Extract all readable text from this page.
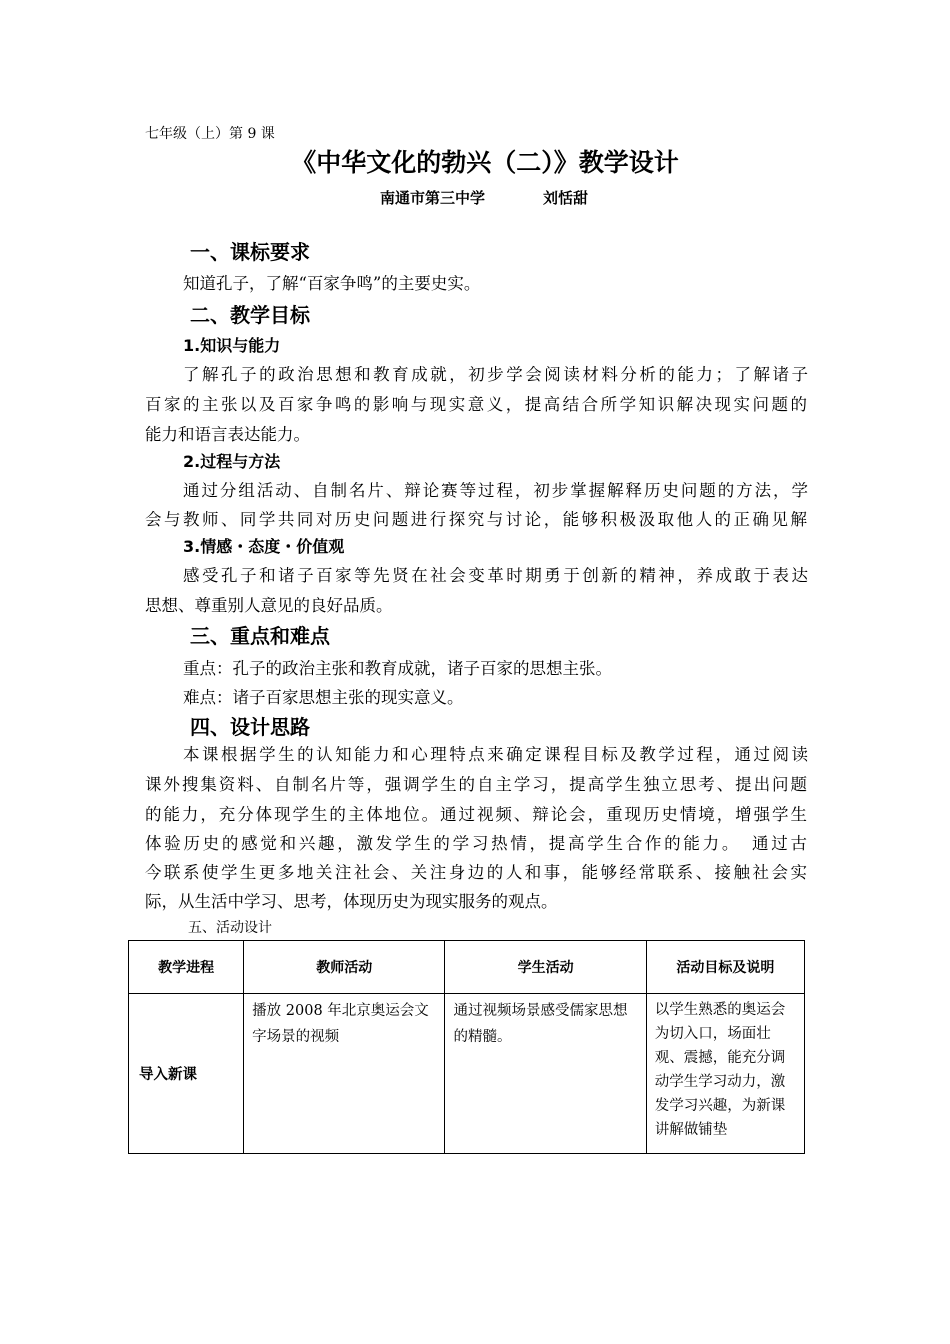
七年级（上）第 9 课
《中华文化的勃兴（二）》教学设计
南通市第三中学	刘恬甜
一、课标要求
知道孔子，了解“百家争鸣”的主要史实。
二、教学目标
1.知识与能力
了解孔子的政治思想和教育成就，初步学会阅读材料分析的能力；了解诸子
百家的主张以及百家争鸣的影响与现实意义，提高结合所学知识解决现实问题的
能力和语言表达能力。
2.过程与方法
通过分组活动、自制名片、辩论赛等过程，初步掌握解释历史问题的方法，学
会与教师、同学共同对历史问题进行探究与讨论，能够积极汲取他人的正确见解
3.情感・态度・价值观
感受孔子和诸子百家等先贤在社会变革时期勇于创新的精神，养成敢于表达
思想、尊重别人意见的良好品质。
三、重点和难点
重点：孔子的政治主张和教育成就，诸子百家的思想主张。
难点：诸子百家思想主张的现实意义。
四、设计思路
本课根据学生的认知能力和心理特点来确定课程目标及教学过程，通过阅读
课外搜集资料、自制名片等，强调学生的自主学习，提高学生独立思考、提出问题
的能力，充分体现学生的主体地位。通过视频、辩论会，重现历史情境，增强学生
体验历史的感觉和兴趣，激发学生的学习热情，提高学生合作的能力。　通过古
今联系使学生更多地关注社会、关注身边的人和事，能够经常联系、接触社会实
际，从生活中学习、思考，体现历史为现实服务的观点。
五、活动设计
教学进程	教师活动	学生活动	活动目标及说明

导入新课	播放 2008 年北京奥运会文字场景的视频	通过视频场景感受儒家思想的精髓。	以学生熟悉的奥运会为切入口，场面壮观、震撼，能充分调动学生学习动力，激发学习兴趣，为新课讲解做铺垫
